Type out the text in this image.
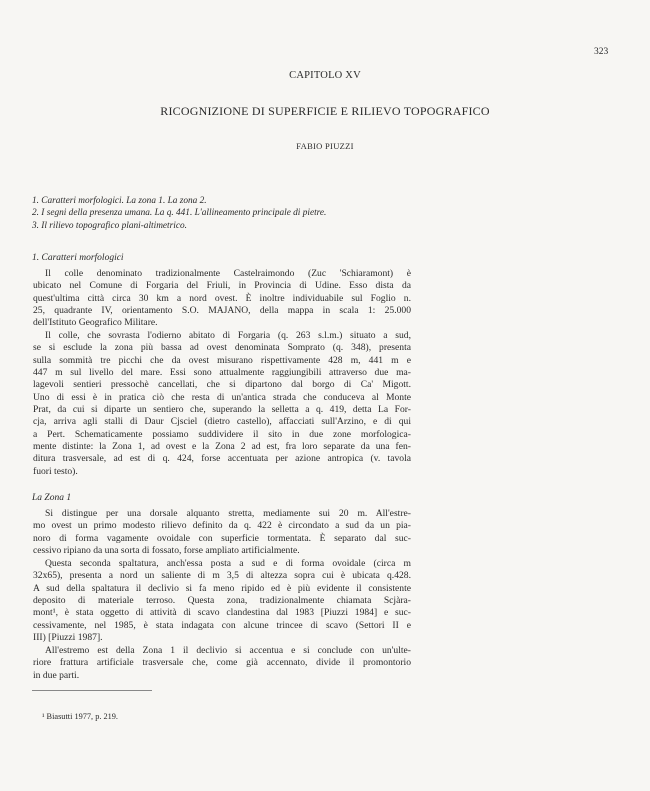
323
CAPITOLO XV
RICOGNIZIONE DI SUPERFICIE E RILIEVO TOPOGRAFICO
FABIO PIUZZI
1. Caratteri morfologici. La zona 1. La zona 2.
2. I segni della presenza umana. La q. 441. L'allineamento principale di pietre.
3. Il rilievo topografico plani-altimetrico.
1. Caratteri morfologici
Il colle denominato tradizionalmente Castelraimondo (Zuc 'Schiaramont) è
ubicato nel Comune di Forgaria del Friuli, in Provincia di Udine. Esso dista da
quest'ultima città circa 30 km a nord ovest. È inoltre individuabile sul Foglio n.
25, quadrante IV, orientamento S.O. MAJANO, della mappa in scala 1: 25.000
dell'Istituto Geografico Militare.
Il colle, che sovrasta l'odierno abitato di Forgaria (q. 263 s.l.m.) situato a sud,
se si esclude la zona più bassa ad ovest denominata Somprato (q. 348), presenta
sulla sommità tre picchi che da ovest misurano rispettivamente 428 m, 441 m e
447 m sul livello del mare. Essi sono attualmente raggiungibili attraverso due ma-
lagevoli sentieri pressochè cancellati, che si dipartono dal borgo di Ca' Migott.
Uno di essi è in pratica ciò che resta di un'antica strada che conduceva al Monte
Prat, da cui si diparte un sentiero che, superando la selletta a q. 419, detta La For-
cja, arriva agli stalli di Daur Cjsciel (dietro castello), affacciati sull'Arzino, e di qui
a Pert. Schematicamente possiamo suddividere il sito in due zone morfologica-
mente distinte: la Zona 1, ad ovest e la Zona 2 ad est, fra loro separate da una fen-
ditura trasversale, ad est di q. 424, forse accentuata per azione antropica (v. tavola
fuori testo).
La Zona 1
Si distingue per una dorsale alquanto stretta, mediamente sui 20 m. All'estre-
mo ovest un primo modesto rilievo definito da q. 422 è circondato a sud da un pia-
noro di forma vagamente ovoidale con superficie tormentata. È separato dal suc-
cessivo ripiano da una sorta di fossato, forse ampliato artificialmente.
Questa seconda spaltatura, anch'essa posta a sud e di forma ovoidale (circa m
32x65), presenta a nord un saliente di m 3,5 di altezza sopra cui è ubicata q.428.
A sud della spaltatura il declivio si fa meno ripido ed è più evidente il consistente
deposito di materiale terroso. Questa zona, tradizionalmente chiamata Scjàra-
mont¹, è stata oggetto di attività di scavo clandestina dal 1983 [Piuzzi 1984] e suc-
cessivamente, nel 1985, è stata indagata con alcune trincee di scavo (Settori II e
III) [Piuzzi 1987].
All'estremo est della Zona 1 il declivio si accentua e si conclude con un'ulte-
riore frattura artificiale trasversale che, come già accennato, divide il promontorio
in due parti.
¹ Biasutti 1977, p. 219.
